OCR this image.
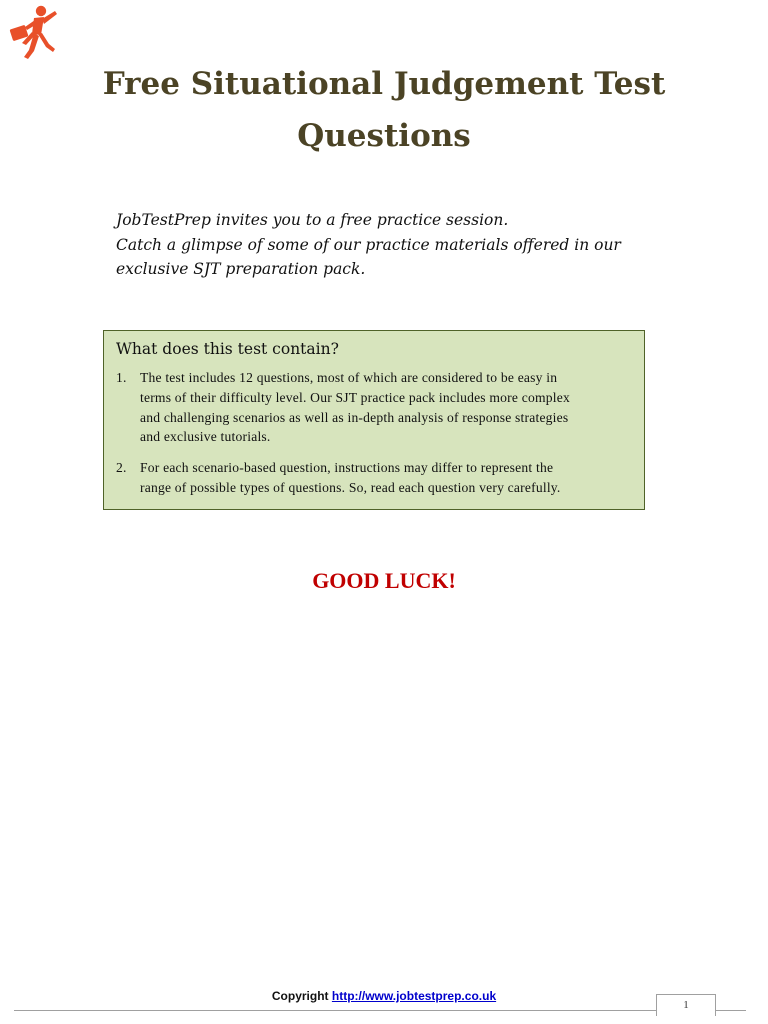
Free Situational Judgement Test
Questions
JobTestPrep invites you to a free practice session.
Catch a glimpse of some of our practice materials offered in our
exclusive SJT preparation pack.
What does this test contain?
1. The test includes 12 questions, most of which are considered to be easy in
terms of their difficulty level. Our SJT practice pack includes more complex
and challenging scenarios as well as in-depth analysis of response strategies
and exclusive tutorials.
2. For each scenario-based question, instructions may differ to represent the
range of possible types of questions. So, read each question very carefully.
GOOD LUCK!
Copyright http://www.jobtestprep.co.uk
1
